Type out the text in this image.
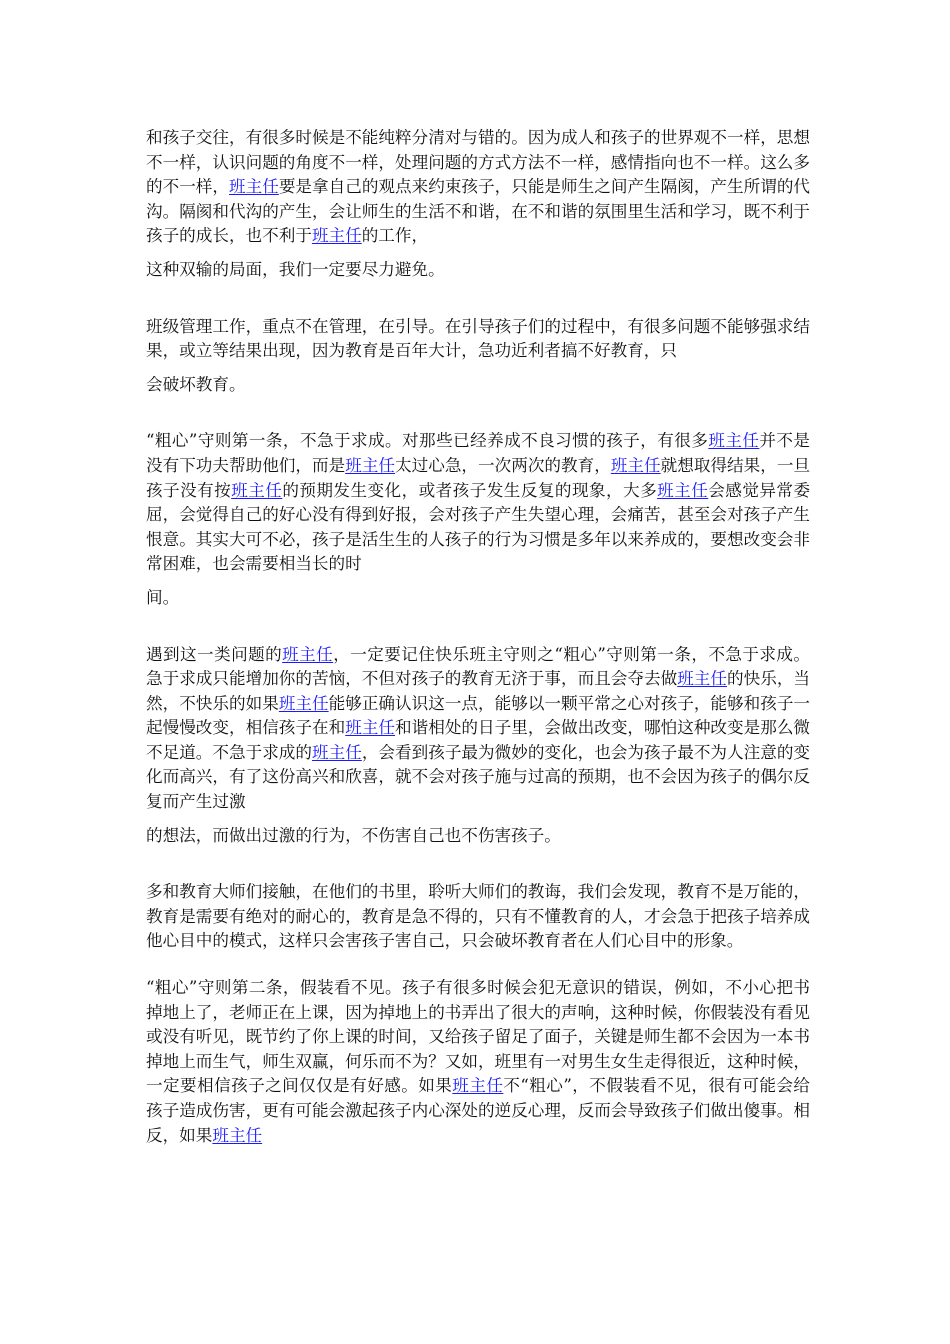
和孩子交往，有很多时候是不能纯粹分清对与错的。因为成人和孩子的世界观不一样，思想不一样，认识问题的角度不一样，处理问题的方式方法不一样，感情指向也不一样。这么多的不一样，班主任要是拿自己的观点来约束孩子，只能是师生之间产生隔阂，产生所谓的代沟。隔阂和代沟的产生，会让师生的生活不和谐，在不和谐的氛围里生活和学习，既不利于孩子的成长，也不利于班主任的工作，
这种双输的局面，我们一定要尽力避免。

班级管理工作，重点不在管理，在引导。在引导孩子们的过程中，有很多问题不能够强求结果，或立等结果出现，因为教育是百年大计，急功近利者搞不好教育，只
会破坏教育。

“粗心”守则第一条，不急于求成。对那些已经养成不良习惯的孩子，有很多班主任并不是没有下功夫帮助他们，而是班主任太过心急，一次两次的教育，班主任就想取得结果，一旦孩子没有按班主任的预期发生变化，或者孩子发生反复的现象，大多班主任会感觉异常委屈，会觉得自己的好心没有得到好报，会对孩子产生失望心理，会痛苦，甚至会对孩子产生恨意。其实大可不必，孩子是活生生的人孩子的行为习惯是多年以来养成的，要想改变会非常困难，也会需要相当长的时
间。

遇到这一类问题的班主任，一定要记住快乐班主守则之“粗心”守则第一条，不急于求成。急于求成只能增加你的苦恼，不但对孩子的教育无济于事，而且会夺去做班主任的快乐，当然，不快乐的如果班主任能够正确认识这一点，能够以一颗平常之心对孩子，能够和孩子一起慢慢改变，相信孩子在和班主任和谐相处的日子里，会做出改变，哪怕这种改变是那么微不足道。不急于求成的班主任，会看到孩子最为微妙的变化，也会为孩子最不为人注意的变化而高兴，有了这份高兴和欣喜，就不会对孩子施与过高的预期，也不会因为孩子的偶尔反复而产生过激
的想法，而做出过激的行为，不伤害自己也不伤害孩子。

多和教育大师们接触，在他们的书里，聆听大师们的教诲，我们会发现，教育不是万能的，教育是需要有绝对的耐心的，教育是急不得的，只有不懂教育的人，才会急于把孩子培养成他心目中的模式，这样只会害孩子害自己，只会破坏教育者在人们心目中的形象。

“粗心”守则第二条，假装看不见。孩子有很多时候会犯无意识的错误，例如，不小心把书掉地上了，老师正在上课，因为掉地上的书弄出了很大的声响，这种时候，你假装没有看见或没有听见，既节约了你上课的时间，又给孩子留足了面子，关键是师生都不会因为一本书掉地上而生气，师生双赢，何乐而不为？又如，班里有一对男生女生走得很近，这种时候，一定要相信孩子之间仅仅是有好感。如果班主任不“粗心”，不假装看不见，很有可能会给孩子造成伤害，更有可能会激起孩子内心深处的逆反心理，反而会导致孩子们做出傻事。相反，如果班主任
